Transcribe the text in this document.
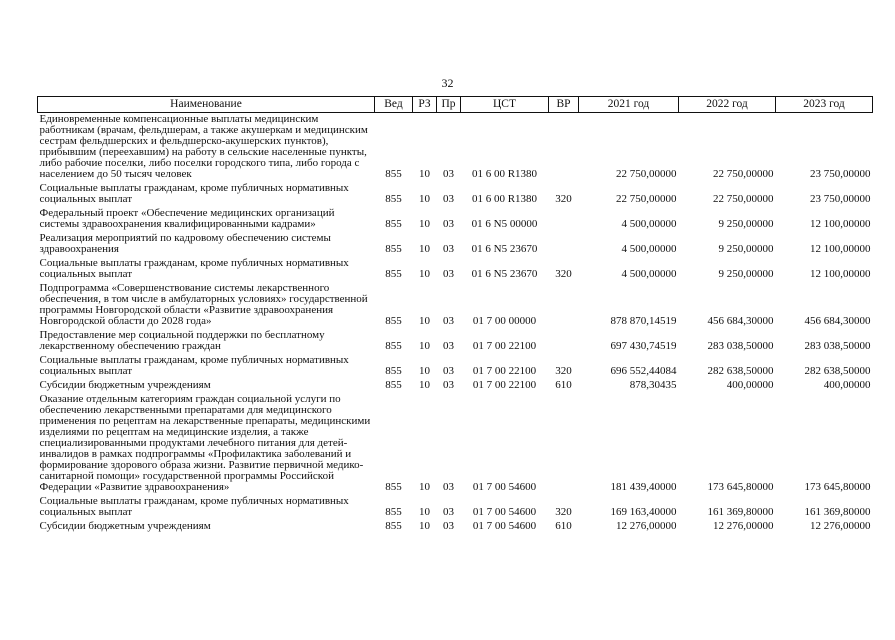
32
Наименование	Вед	РЗ	Пр	ЦСТ	ВР	2021 год	2022 год	2023 год
Единовременные компенсационные выплаты медицинским работникам (врачам, фельдшерам, а также акушеркам и медицинским сестрам фельдшерских и фельдшерско-акушерских пунктов), прибывшим (переехавшим) на работу в сельские населенные пункты, либо рабочие поселки, либо поселки городского типа, либо города с населением до 50 тысяч человек	855	10	03	01 6 00 R1380		22 750,00000	22 750,00000	23 750,00000
Социальные выплаты гражданам, кроме публичных нормативных социальных выплат	855	10	03	01 6 00 R1380	320	22 750,00000	22 750,00000	23 750,00000
Федеральный проект «Обеспечение медицинских организаций системы здравоохранения квалифицированными кадрами»	855	10	03	01 6 N5 00000		4 500,00000	9 250,00000	12 100,00000
Реализация мероприятий по кадровому обеспечению системы здравоохранения	855	10	03	01 6 N5 23670		4 500,00000	9 250,00000	12 100,00000
Социальные выплаты гражданам, кроме публичных нормативных социальных выплат	855	10	03	01 6 N5 23670	320	4 500,00000	9 250,00000	12 100,00000
Подпрограмма «Совершенствование системы лекарственного обеспечения, в том числе в амбулаторных условиях» государственной программы Новгородской области «Развитие здравоохранения Новгородской области до 2028 года»	855	10	03	01 7 00 00000		878 870,14519	456 684,30000	456 684,30000
Предоставление мер социальной поддержки по бесплатному лекарственному обеспечению граждан	855	10	03	01 7 00 22100		697 430,74519	283 038,50000	283 038,50000
Социальные выплаты гражданам, кроме публичных нормативных социальных выплат	855	10	03	01 7 00 22100	320	696 552,44084	282 638,50000	282 638,50000
Субсидии бюджетным учреждениям	855	10	03	01 7 00 22100	610	878,30435	400,00000	400,00000
Оказание отдельным категориям граждан социальной услуги по обеспечению лекарственными препаратами для медицинского применения по рецептам на лекарственные препараты, медицинскими изделиями по рецептам на медицинские изделия, а также специализированными продуктами лечебного питания для детей-инвалидов в рамках подпрограммы «Профилактика заболеваний и формирование здорового образа жизни. Развитие первичной медико-санитарной помощи» государственной программы Российской Федерации «Развитие здравоохранения»	855	10	03	01 7 00 54600		181 439,40000	173 645,80000	173 645,80000
Социальные выплаты гражданам, кроме публичных нормативных социальных выплат	855	10	03	01 7 00 54600	320	169 163,40000	161 369,80000	161 369,80000
Субсидии бюджетным учреждениям	855	10	03	01 7 00 54600	610	12 276,00000	12 276,00000	12 276,00000
